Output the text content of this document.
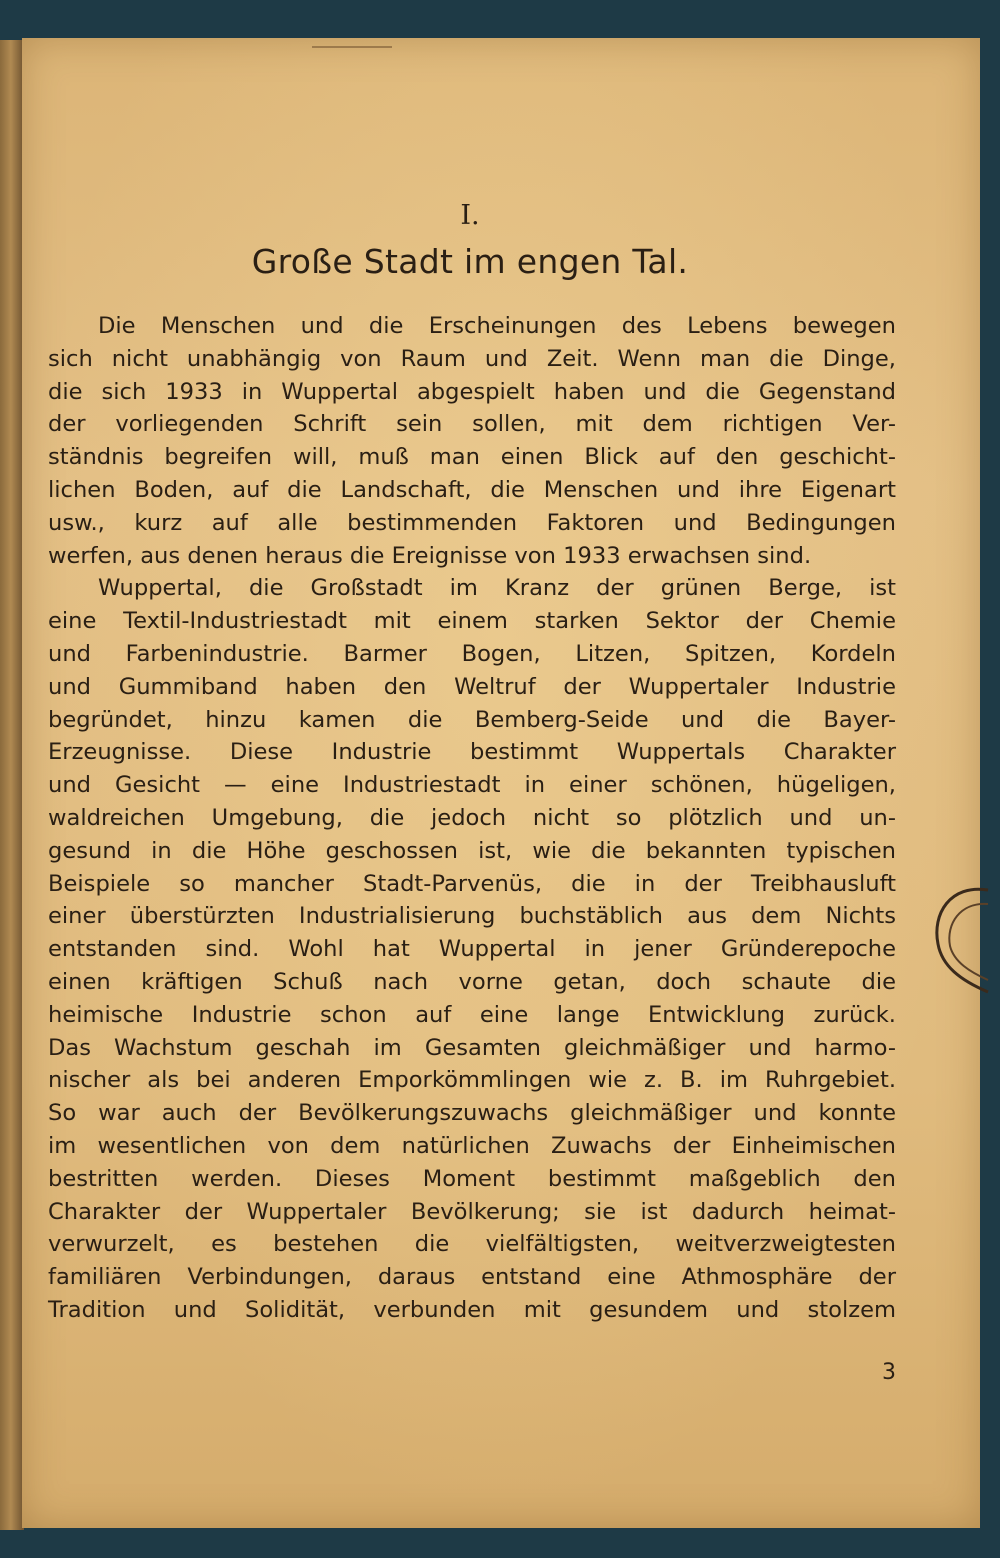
I.
Große Stadt im engen Tal.
Die Menschen und die Erscheinungen des Lebens bewegen
sich nicht unabhängig von Raum und Zeit. Wenn man die Dinge,
die sich 1933 in Wuppertal abgespielt haben und die Gegenstand
der vorliegenden Schrift sein sollen, mit dem richtigen Ver-
ständnis begreifen will, muß man einen Blick auf den geschicht-
lichen Boden, auf die Landschaft, die Menschen und ihre Eigenart
usw., kurz auf alle bestimmenden Faktoren und Bedingungen
werfen, aus denen heraus die Ereignisse von 1933 erwachsen sind.
Wuppertal, die Großstadt im Kranz der grünen Berge, ist
eine Textil-Industriestadt mit einem starken Sektor der Chemie
und Farbenindustrie. Barmer Bogen, Litzen, Spitzen, Kordeln
und Gummiband haben den Weltruf der Wuppertaler Industrie
begründet, hinzu kamen die Bemberg-Seide und die Bayer-
Erzeugnisse. Diese Industrie bestimmt Wuppertals Charakter
und Gesicht — eine Industriestadt in einer schönen, hügeligen,
waldreichen Umgebung, die jedoch nicht so plötzlich und un-
gesund in die Höhe geschossen ist, wie die bekannten typischen
Beispiele so mancher Stadt-Parvenüs, die in der Treibhausluft
einer überstürzten Industrialisierung buchstäblich aus dem Nichts
entstanden sind. Wohl hat Wuppertal in jener Gründerepoche
einen kräftigen Schuß nach vorne getan, doch schaute die
heimische Industrie schon auf eine lange Entwicklung zurück.
Das Wachstum geschah im Gesamten gleichmäßiger und harmo-
nischer als bei anderen Emporkömmlingen wie z. B. im Ruhrgebiet.
So war auch der Bevölkerungszuwachs gleichmäßiger und konnte
im wesentlichen von dem natürlichen Zuwachs der Einheimischen
bestritten werden. Dieses Moment bestimmt maßgeblich den
Charakter der Wuppertaler Bevölkerung; sie ist dadurch heimat-
verwurzelt, es bestehen die vielfältigsten, weitverzweigtesten
familiären Verbindungen, daraus entstand eine Athmosphäre der
Tradition und Solidität, verbunden mit gesundem und stolzem
3
